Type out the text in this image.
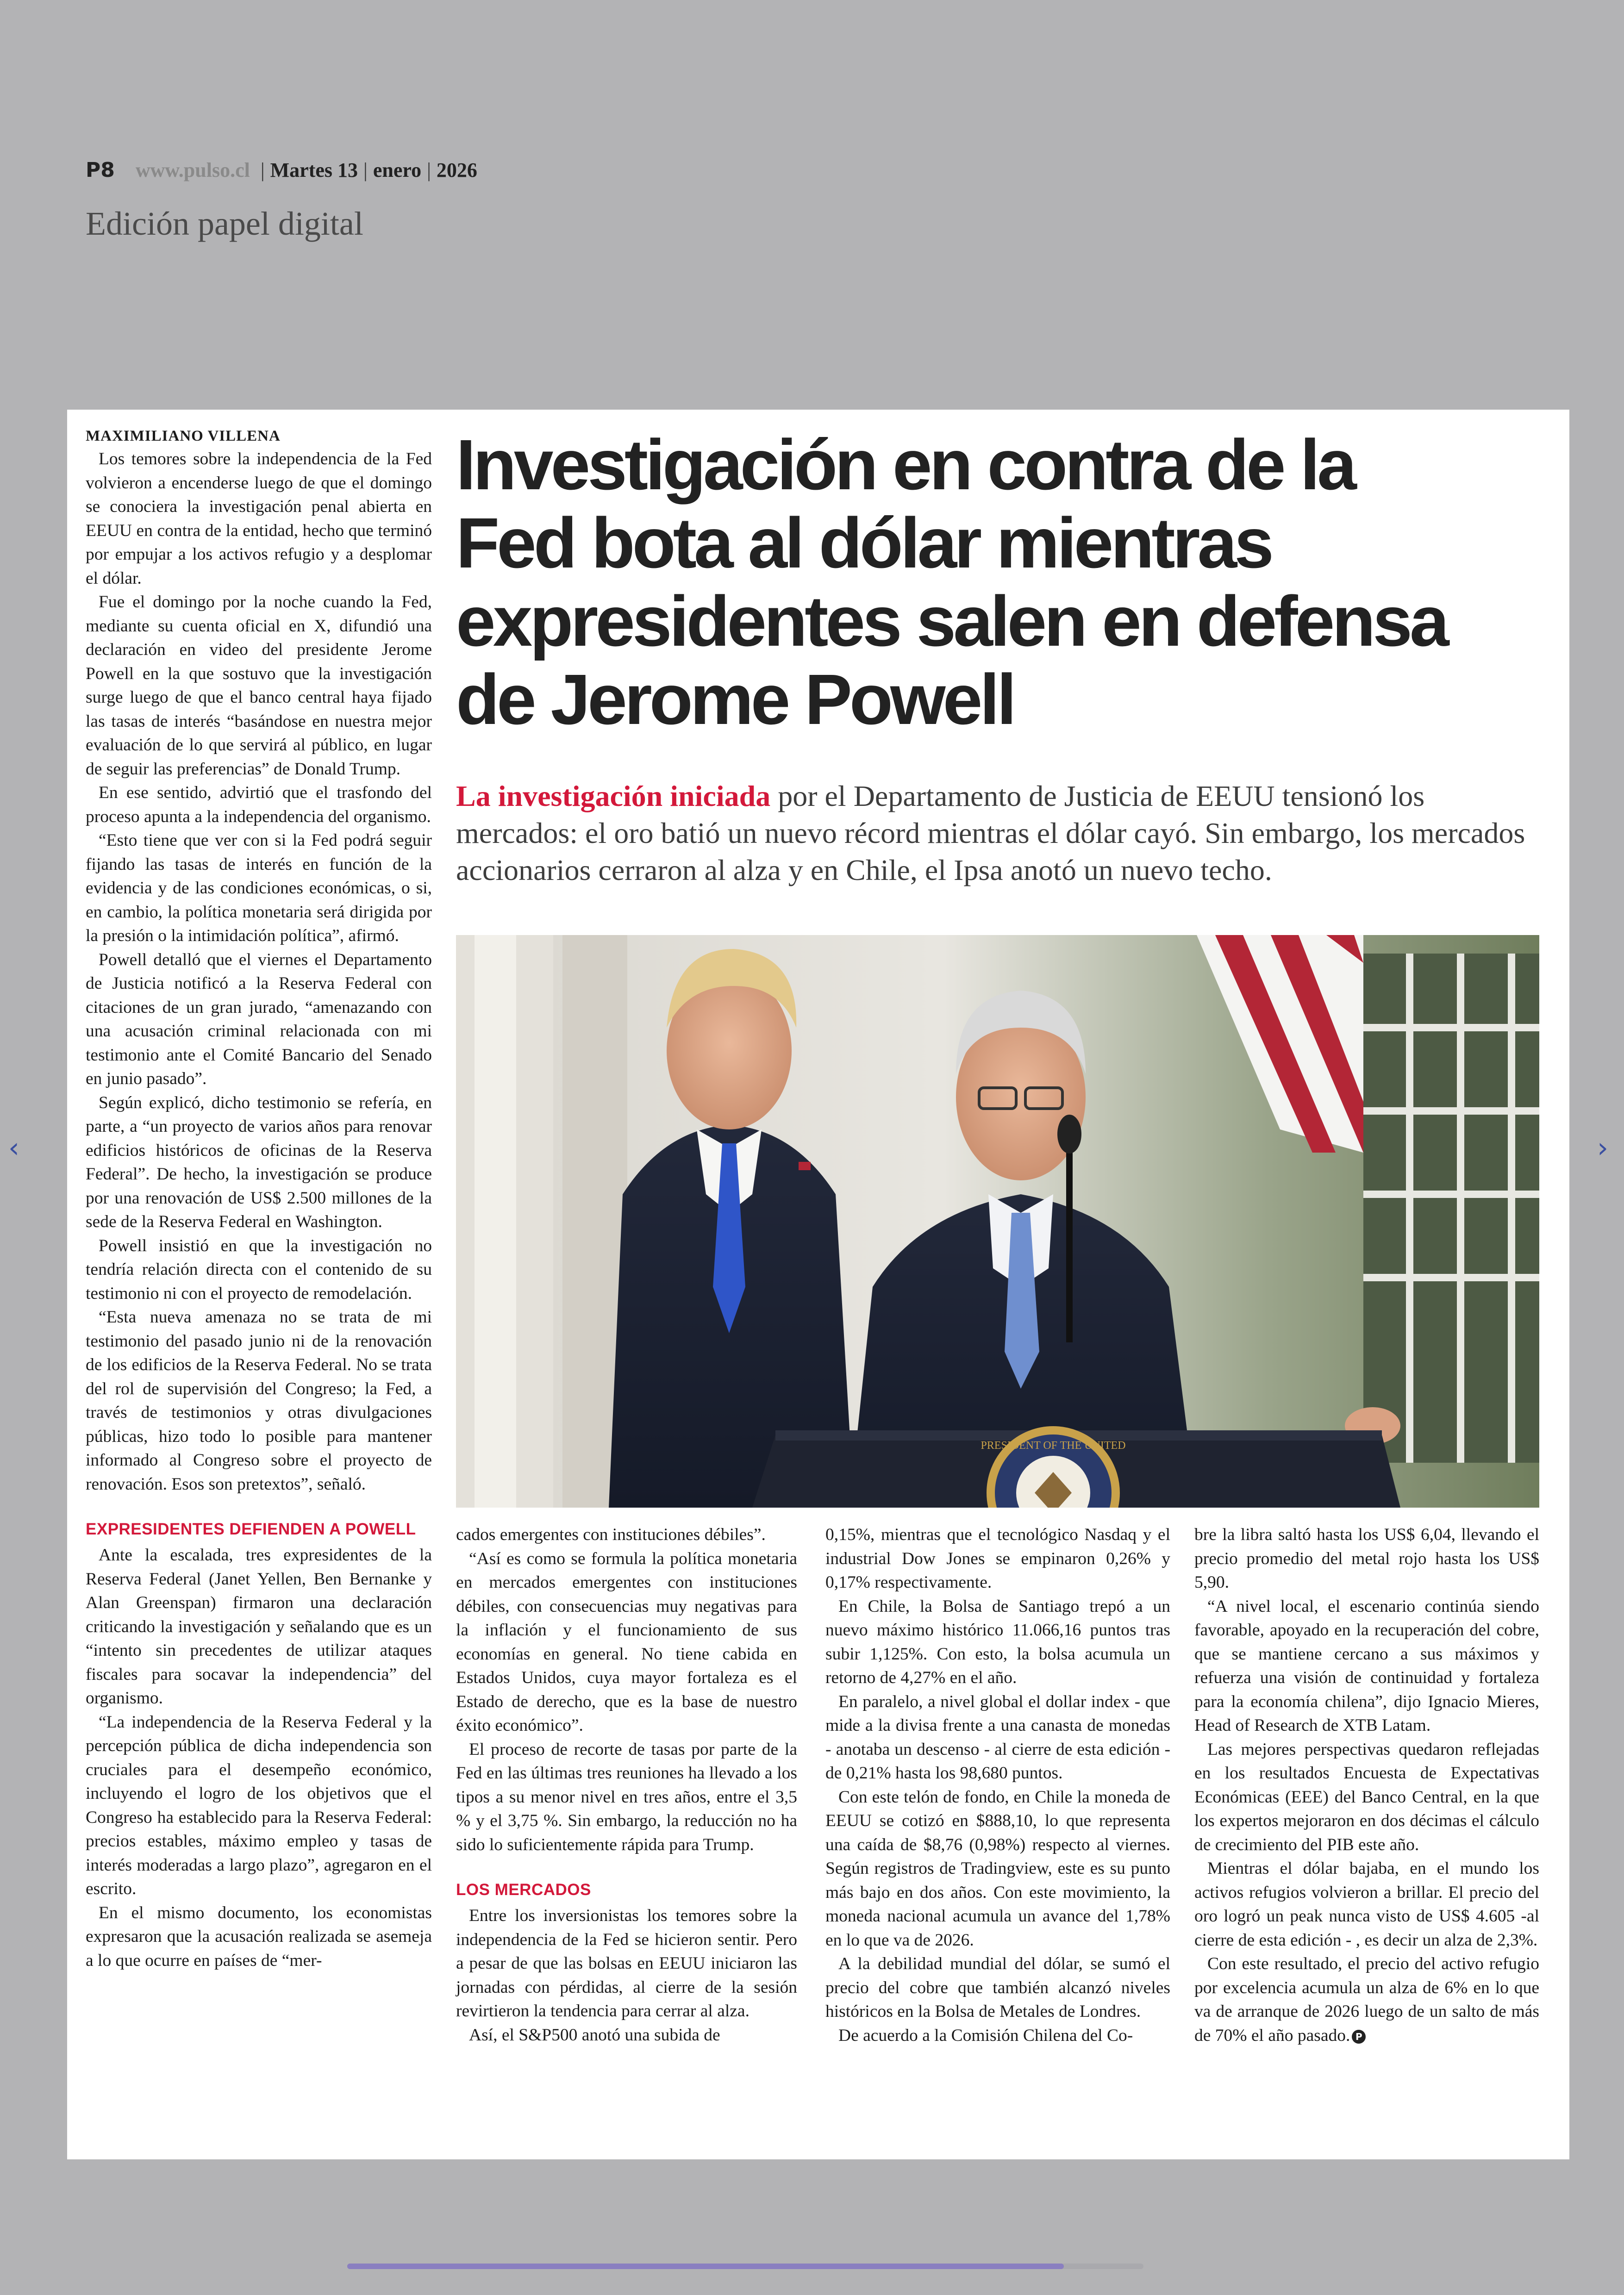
P8 www.pulso.cl | Martes 13 | enero | 2026
Edición papel digital
‹	›
MAXIMILIANO VILLENA

Los temores sobre la independencia de la Fed volvieron a encenderse luego de que el domingo se conociera la investigación penal abierta en EEUU en contra de la entidad, hecho que terminó por empujar a los activos refugio y a desplomar el dólar.

Fue el domingo por la noche cuando la Fed, mediante su cuenta oficial en X, difundió una declaración en video del presidente Jerome Powell en la que sostuvo que la investigación surge luego de que el banco central haya fijado las tasas de interés “basándose en nuestra mejor evaluación de lo que servirá al público, en lugar de seguir las preferencias” de Donald Trump.

En ese sentido, advirtió que el trasfondo del proceso apunta a la independencia del organismo.

“Esto tiene que ver con si la Fed podrá seguir fijando las tasas de interés en función de la evidencia y de las condiciones económicas, o si, en cambio, la política monetaria será dirigida por la presión o la intimidación política”, afirmó.

Powell detalló que el viernes el Departamento de Justicia notificó a la Reserva Federal con citaciones de un gran jurado, “amenazando con una acusación criminal relacionada con mi testimonio ante el Comité Bancario del Senado en junio pasado”.

Según explicó, dicho testimonio se refería, en parte, a “un proyecto de varios años para renovar edificios históricos de oficinas de la Reserva Federal”. De hecho, la investigación se produce por una renovación de US$ 2.500 millones de la sede de la Reserva Federal en Washington.

Powell insistió en que la investigación no tendría relación directa con el contenido de su testimonio ni con el proyecto de remodelación.

“Esta nueva amenaza no se trata de mi testimonio del pasado junio ni de la renovación de los edificios de la Reserva Federal. No se trata del rol de supervisión del Congreso; la Fed, a través de testimonios y otras divulgaciones públicas, hizo todo lo posible para mantener informado al Congreso sobre el proyecto de renovación. Esos son pretextos”, señaló.

EXPRESIDENTES DEFIENDEN A POWELL

Ante la escalada, tres expresidentes de la Reserva Federal (Janet Yellen, Ben Bernanke y Alan Greenspan) firmaron una declaración criticando la investigación y señalando que es un “intento sin precedentes de utilizar ataques fiscales para socavar la independencia” del organismo.

“La independencia de la Reserva Federal y la percepción pública de dicha independencia son cruciales para el desempeño económico, incluyendo el logro de los objetivos que el Congreso ha establecido para la Reserva Federal: precios estables, máximo empleo y tasas de interés moderadas a largo plazo”, agregaron en el escrito.

En el mismo documento, los economistas expresaron que la acusación realizada se asemeja a lo que ocurre en países de “mer-

Investigación en contra de la Fed bota al dólar mientras expresidentes salen en defensa de Jerome Powell
La investigación iniciada por el Departamento de Justicia de EEUU tensionó los mercados: el oro batió un nuevo récord mientras el dólar cayó. Sin embargo, los mercados accionarios cerraron al alza y en Chile, el Ipsa anotó un nuevo techo.
PRESIDENT OF THE UNITED

cados emergentes con instituciones débiles”.

“Así es como se formula la política monetaria en mercados emergentes con instituciones débiles, con consecuencias muy negativas para la inflación y el funcionamiento de sus economías en general. No tiene cabida en Estados Unidos, cuya mayor fortaleza es el Estado de derecho, que es la base de nuestro éxito económico”.

El proceso de recorte de tasas por parte de la Fed en las últimas tres reuniones ha llevado a los tipos a su menor nivel en tres años, entre el 3,5 % y el 3,75 %. Sin embargo, la reducción no ha sido lo suficientemente rápida para Trump.

LOS MERCADOS

Entre los inversionistas los temores sobre la independencia de la Fed se hicieron sentir. Pero a pesar de que las bolsas en EEUU iniciaron las jornadas con pérdidas, al cierre de la sesión revirtieron la tendencia para cerrar al alza.

Así, el S&P500 anotó una subida de

0,15%, mientras que el tecnológico Nasdaq y el industrial Dow Jones se empinaron 0,26% y 0,17% respectivamente.

En Chile, la Bolsa de Santiago trepó a un nuevo máximo histórico 11.066,16 puntos tras subir 1,125%. Con esto, la bolsa acumula un retorno de 4,27% en el año.

En paralelo, a nivel global el dollar index - que mide a la divisa frente a una canasta de monedas - anotaba un descenso - al cierre de esta edición - de 0,21% hasta los 98,680 puntos.

Con este telón de fondo, en Chile la moneda de EEUU se cotizó en $888,10, lo que representa una caída de $8,76 (0,98%) respecto al viernes. Según registros de Tradingview, este es su punto más bajo en dos años. Con este movimiento, la moneda nacional acumula un avance del 1,78% en lo que va de 2026.

A la debilidad mundial del dólar, se sumó el precio del cobre que también alcanzó niveles históricos en la Bolsa de Metales de Londres.

De acuerdo a la Comisión Chilena del Co-

bre la libra saltó hasta los US$ 6,04, llevando el precio promedio del metal rojo hasta los US$ 5,90.

“A nivel local, el escenario continúa siendo favorable, apoyado en la recuperación del cobre, que se mantiene cercano a sus máximos y refuerza una visión de continuidad y fortaleza para la economía chilena”, dijo Ignacio Mieres, Head of Research de XTB Latam.

Las mejores perspectivas quedaron reflejadas en los resultados Encuesta de Expectativas Económicas (EEE) del Banco Central, en la que los expertos mejoraron en dos décimas el cálculo de crecimiento del PIB este año.

Mientras el dólar bajaba, en el mundo los activos refugios volvieron a brillar. El precio del oro logró un peak nunca visto de US$ 4.605 -al cierre de esta edición - , es decir un alza de 2,3%.

Con este resultado, el precio del activo refugio por excelencia acumula un alza de 6% en lo que va de arranque de 2026 luego de un salto de más de 70% el año pasado. P
